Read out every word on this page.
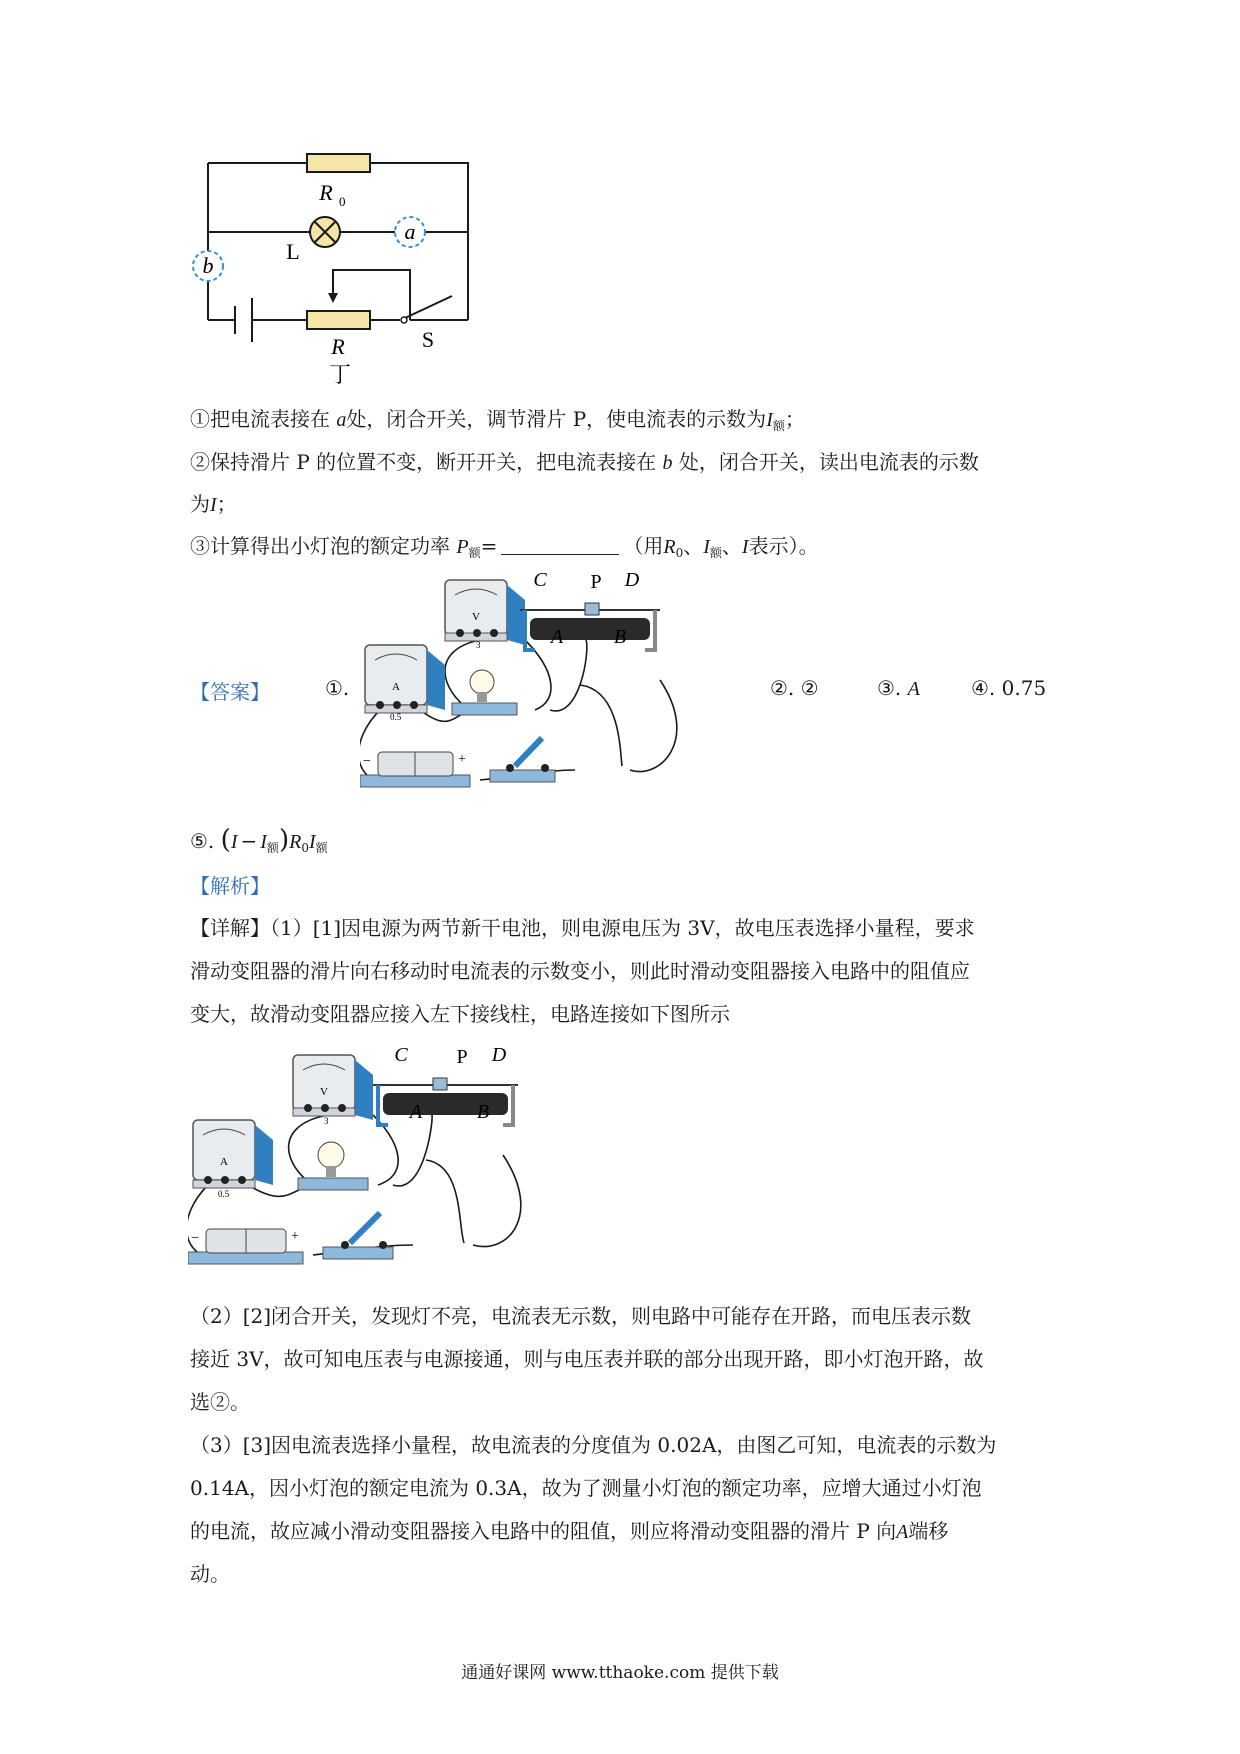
a
b
R 0
L
R	S
丁
①把电流表接在 a处，闭合开关，调节滑片 P，使电流表的示数为$I_额$；
②保持滑片 P 的位置不变，断开开关，把电流表接在 b 处，闭合开关，读出电流表的示数
为I；
③计算得出小灯泡的额定功率 $P_额=$	（用$R_0$、$I_额$、I表示）。
【答案】	①.	A
0.5
V
3
C P D
A	B
−	+
②. ②	③. A	④. 0.75
⑤. $(I - I_额)R_0I_额$
【解析】
【详解】（1）[1]因电源为两节新干电池，则电源电压为 3V，故电压表选择小量程，要求
滑动变阻器的滑片向右移动时电流表的示数变小，则此时滑动变阻器接入电路中的阻值应
变大，故滑动变阻器应接入左下接线柱，电路连接如下图所示
A
0.5
V
3
C P D
A	B
−	+
（2）[2]闭合开关，发现灯不亮，电流表无示数，则电路中可能存在开路，而电压表示数
接近 3V，故可知电压表与电源接通，则与电压表并联的部分出现开路，即小灯泡开路，故
选②。
（3）[3]因电流表选择小量程，故电流表的分度值为 0.02A，由图乙可知，电流表的示数为
0.14A，因小灯泡的额定电流为 0.3A，故为了测量小灯泡的额定功率，应增大通过小灯泡
的电流，故应减小滑动变阻器接入电路中的阻值，则应将滑动变阻器的滑片 P 向A端移
动。
通通好课网 www.tthaoke.com 提供下载
